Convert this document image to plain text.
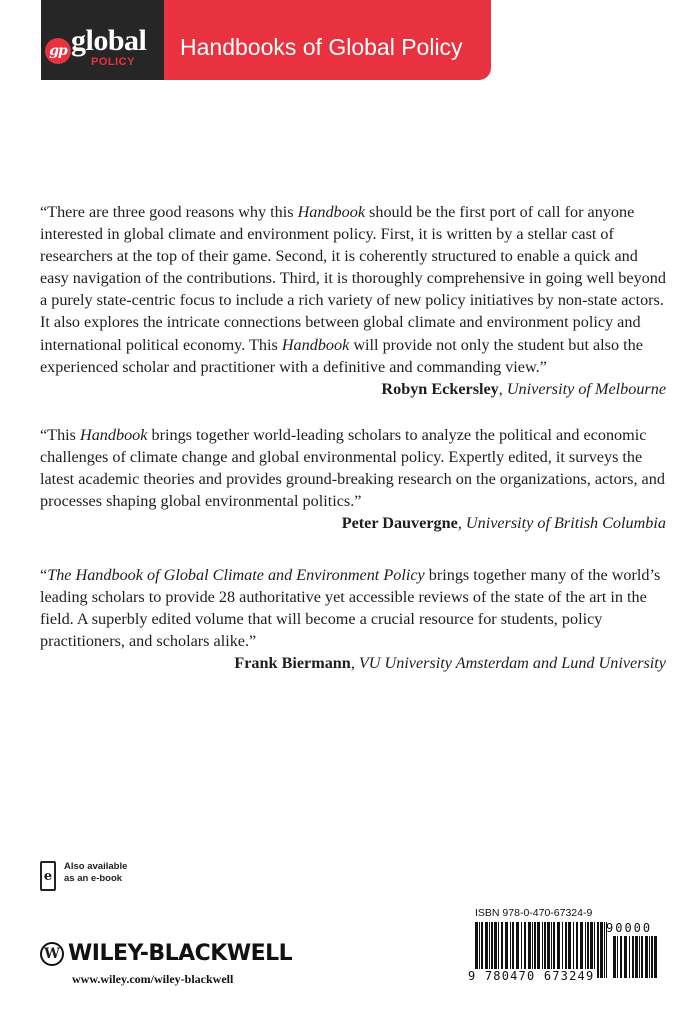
gp global
POLICY
Handbooks of Global Policy

“There are three good reasons why this Handbook should be the first port of call for anyone interested in global climate and environment policy. First, it is written by a stellar cast of researchers at the top of their game. Second, it is coherently structured to enable a quick and easy navigation of the contributions. Third, it is thoroughly comprehensive in going well beyond a purely state-centric focus to include a rich variety of new policy initiatives by non-state actors. It also explores the intricate connections between global climate and environment policy and international political economy. This Handbook will provide not only the student but also the experienced scholar and practitioner with a definitive and commanding view.”

Robyn Eckersley, University of Melbourne

“This Handbook brings together world-leading scholars to analyze the political and economic challenges of climate change and global environmental policy. Expertly edited, it surveys the latest academic theories and provides ground-breaking research on the organizations, actors, and processes shaping global environmental politics.”

Peter Dauvergne, University of British Columbia

“The Handbook of Global Climate and Environment Policy brings together many of the world’s leading scholars to provide 28 authoritative yet accessible reviews of the state of the art in the field. A superbly edited volume that will become a crucial resource for students, policy practitioners, and scholars alike.”

Frank Biermann, VU University Amsterdam and Lund University

e
Also available
as an e-book
W WILEY-BLACKWELL
www.wiley.com/wiley-blackwell
ISBN 978-0-470-67324-9
9 780470 673249
90000
